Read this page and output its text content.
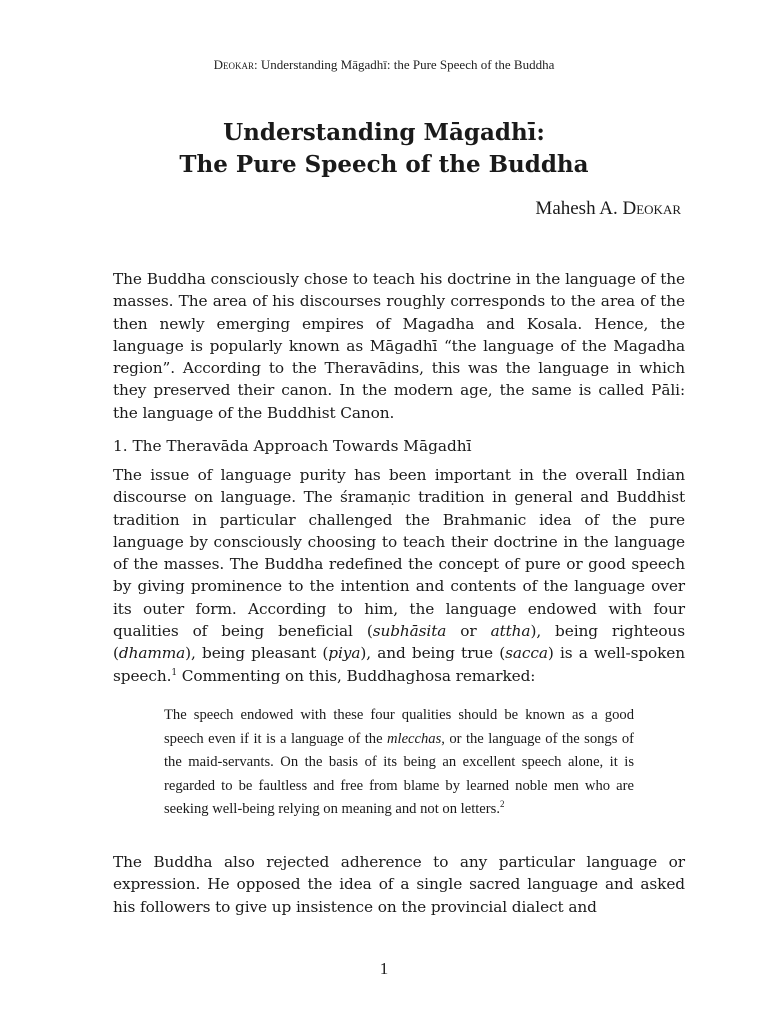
Deokar: Understanding Māgadhī: the Pure Speech of the Buddha
Understanding Māgadhī:
The Pure Speech of the Buddha
Mahesh A. Deokar
The Buddha consciously chose to teach his doctrine in the language of the masses. The area of his discourses roughly corresponds to the area of the then newly emerging empires of Magadha and Kosala. Hence, the language is popularly known as Māgadhī “the language of the Magadha region”. According to the Theravādins, this was the language in which they preserved their canon. In the modern age, the same is called Pāli: the language of the Buddhist Canon.
1. The Theravāda Approach Towards Māgadhī
The issue of language purity has been important in the overall Indian discourse on language. The śramaṇic tradition in general and Buddhist tradition in particular challenged the Brahmanic idea of the pure language by consciously choosing to teach their doctrine in the language of the masses. The Buddha redefined the concept of pure or good speech by giving prominence to the intention and contents of the language over its outer form. According to him, the language endowed with four qualities of being beneficial (subhāsita or attha), being righteous (dhamma), being pleasant (piya), and being true (sacca) is a well-spoken speech.$^1$ Commenting on this, Buddhaghosa remarked:
The speech endowed with these four qualities should be known as a good speech even if it is a language of the mlecchas, or the language of the songs of the maid-servants. On the basis of its being an excellent speech alone, it is regarded to be faultless and free from blame by learned noble men who are seeking well-being relying on meaning and not on letters.$^2$
The Buddha also rejected adherence to any particular language or expression. He opposed the idea of a single sacred language and asked his followers to give up insistence on the provincial dialect and
1
